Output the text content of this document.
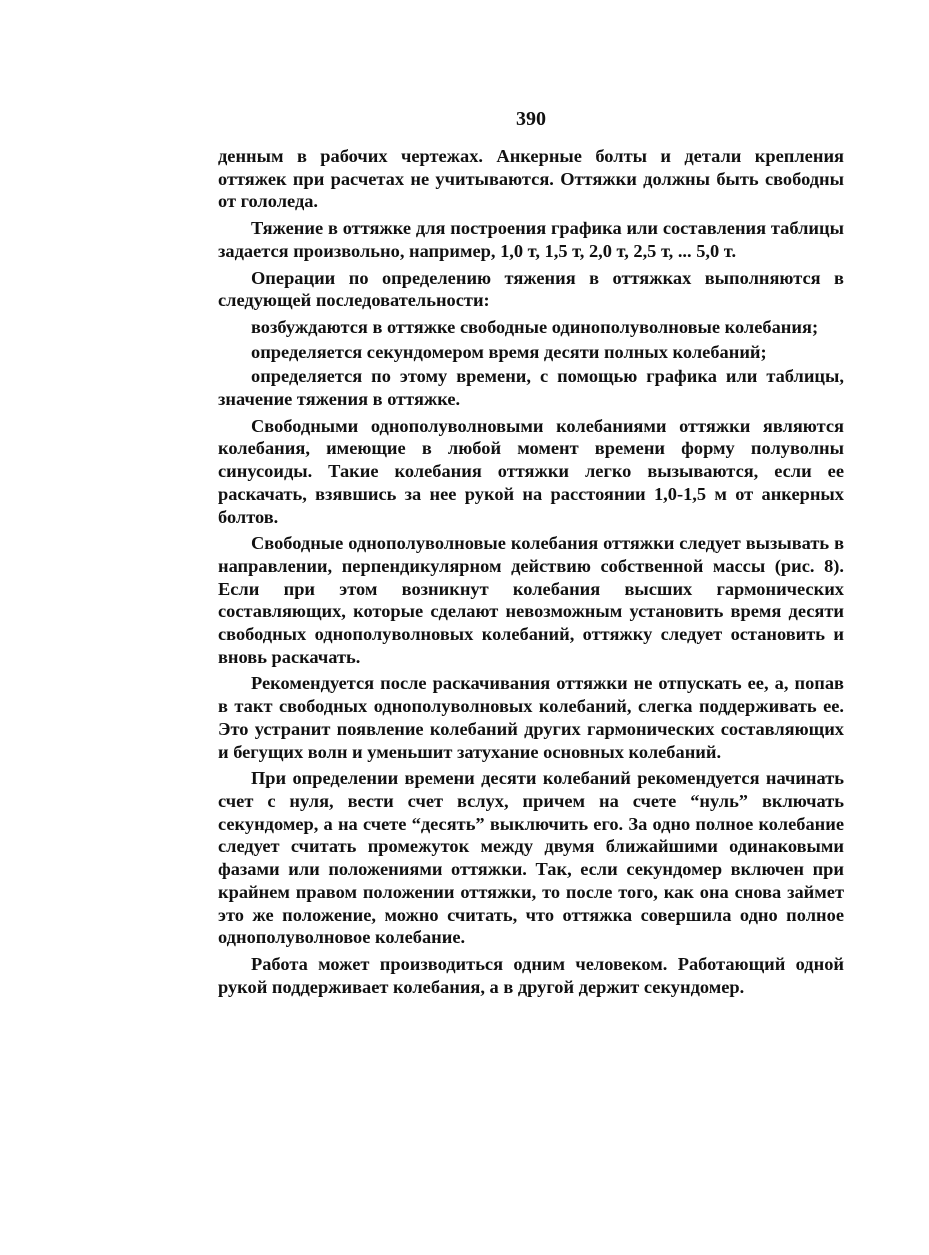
390

денным в рабочих чертежах. Анкерные болты и детали крепления оттяжек при расчетах не учитываются. Оттяжки должны быть свободны от гололеда.

Тяжение в оттяжке для построения графика или составления таблицы задается произвольно, например, 1,0 т, 1,5 т, 2,0 т, 2,5 т, ... 5,0 т.

Операции по определению тяжения в оттяжках выполняются в следующей последовательности:

возбуждаются в оттяжке свободные одинополуволновые колебания;

определяется секундомером время десяти полных колебаний;

определяется по этому времени, с помощью графика или таблицы, значение тяжения в оттяжке.

Свободными однополуволновыми колебаниями оттяжки являются колебания, имеющие в любой момент времени форму полуволны синусоиды. Такие колебания оттяжки легко вызываются, если ее раскачать, взявшись за нее рукой на расстоянии 1,0-1,5 м от анкерных болтов.

Свободные однополуволновые колебания оттяжки следует вызывать в направлении, перпендикулярном действию собственной массы (рис. 8). Если при этом возникнут колебания высших гармонических составляющих, которые сделают невозможным установить время десяти свободных однополуволновых колебаний, оттяжку следует остановить и вновь раскачать.

Рекомендуется после раскачивания оттяжки не отпускать ее, а, попав в такт свободных однополуволновых колебаний, слегка поддерживать ее. Это устранит появление колебаний других гармонических составляющих и бегущих волн и уменьшит затухание основных колебаний.

При определении времени десяти колебаний рекомендуется начинать счет с нуля, вести счет вслух, причем на счете “нуль” включать секундомер, а на счете “десять” выключить его. За одно полное колебание следует считать промежуток между двумя ближайшими одинаковыми фазами или положениями оттяжки. Так, если секундомер включен при крайнем правом положении оттяжки, то после того, как она снова займет это же положение, можно считать, что оттяжка совершила одно полное однополуволновое колебание.

Работа может производиться одним человеком. Работающий одной рукой поддерживает колебания, а в другой держит секундомер.
